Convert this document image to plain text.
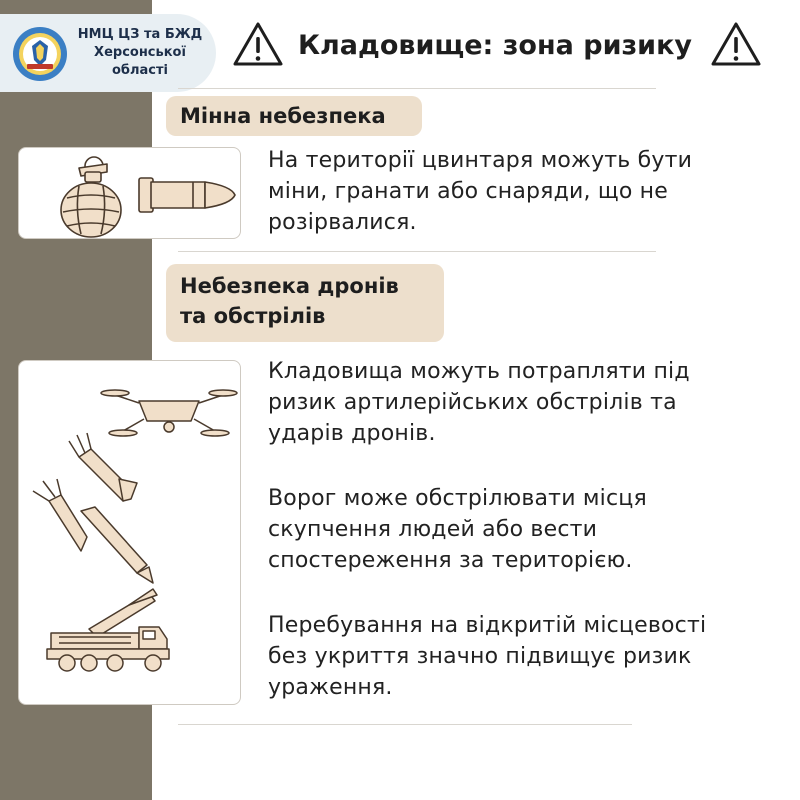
НМЦ ЦЗ та БЖД
Херсонської
області
Кладовище: зона ризику
Мінна небезпека
На території цвинтаря можуть бути
міни, гранати або снаряди, що не
розірвалися.
Небезпека дронів
та обстрілів
Кладовища можуть потрапляти під
ризик артилерійських обстрілів та
ударів дронів.
Ворог може обстрілювати місця
скупчення людей або вести
спостереження за територією.
Перебування на відкритій місцевості
без укриття значно підвищує ризик
ураження.
